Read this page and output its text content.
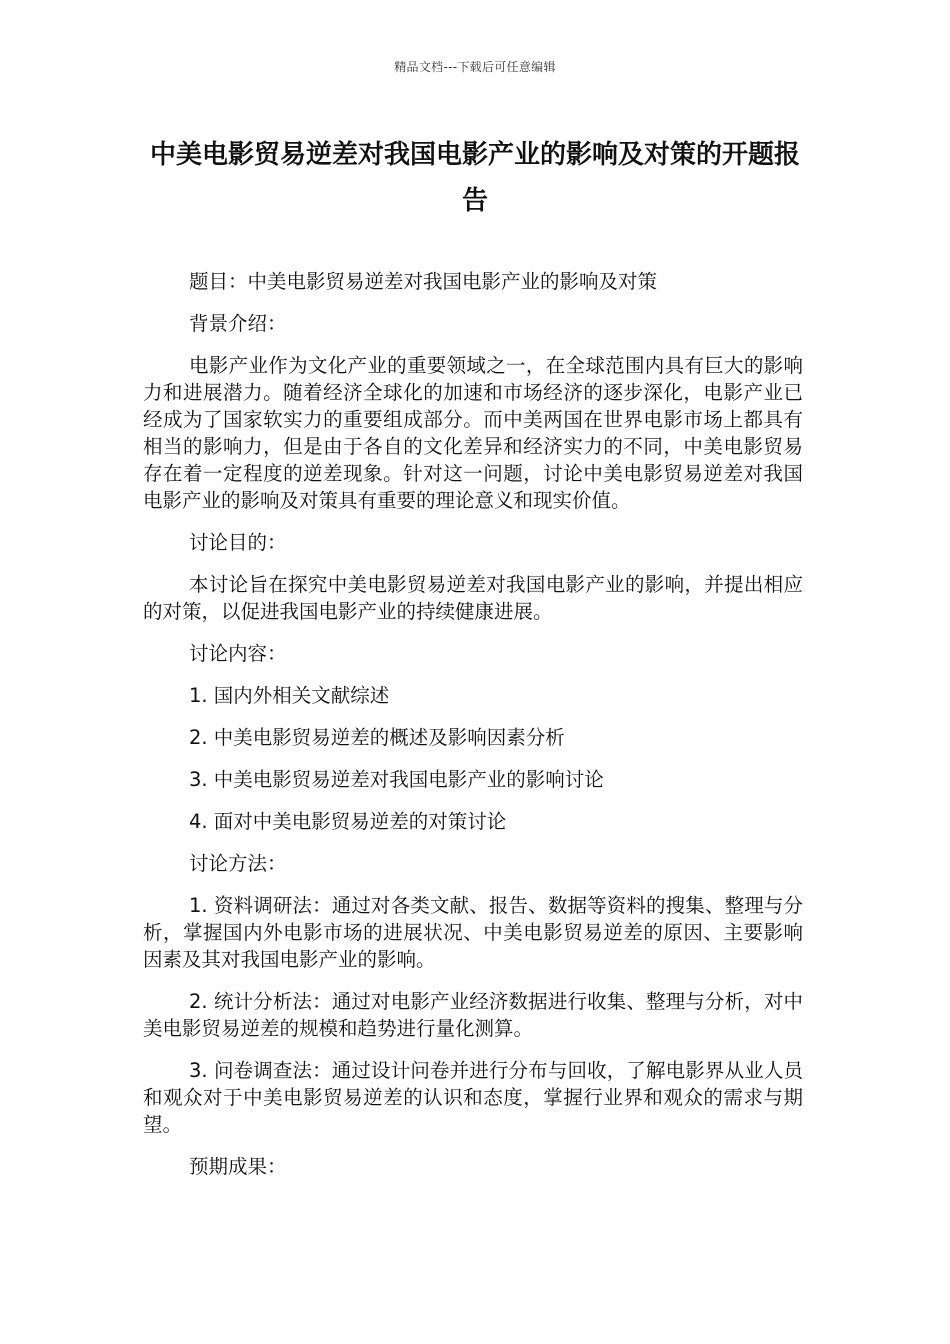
精品文档---下载后可任意编辑
中美电影贸易逆差对我国电影产业的影响及对策的开题报告

题目：中美电影贸易逆差对我国电影产业的影响及对策

背景介绍：

电影产业作为文化产业的重要领域之一，在全球范围内具有巨大的影响力和进展潜力。随着经济全球化的加速和市场经济的逐步深化，电影产业已经成为了国家软实力的重要组成部分。而中美两国在世界电影市场上都具有相当的影响力，但是由于各自的文化差异和经济实力的不同，中美电影贸易存在着一定程度的逆差现象。针对这一问题，讨论中美电影贸易逆差对我国电影产业的影响及对策具有重要的理论意义和现实价值。

讨论目的：

本讨论旨在探究中美电影贸易逆差对我国电影产业的影响，并提出相应的对策，以促进我国电影产业的持续健康进展。

讨论内容：

1. 国内外相关文献综述

2. 中美电影贸易逆差的概述及影响因素分析

3. 中美电影贸易逆差对我国电影产业的影响讨论

4. 面对中美电影贸易逆差的对策讨论

讨论方法：

1. 资料调研法：通过对各类文献、报告、数据等资料的搜集、整理与分析，掌握国内外电影市场的进展状况、中美电影贸易逆差的原因、主要影响因素及其对我国电影产业的影响。

2. 统计分析法：通过对电影产业经济数据进行收集、整理与分析，对中美电影贸易逆差的规模和趋势进行量化测算。

3. 问卷调查法：通过设计问卷并进行分布与回收，了解电影界从业人员和观众对于中美电影贸易逆差的认识和态度，掌握行业界和观众的需求与期望。

预期成果：
